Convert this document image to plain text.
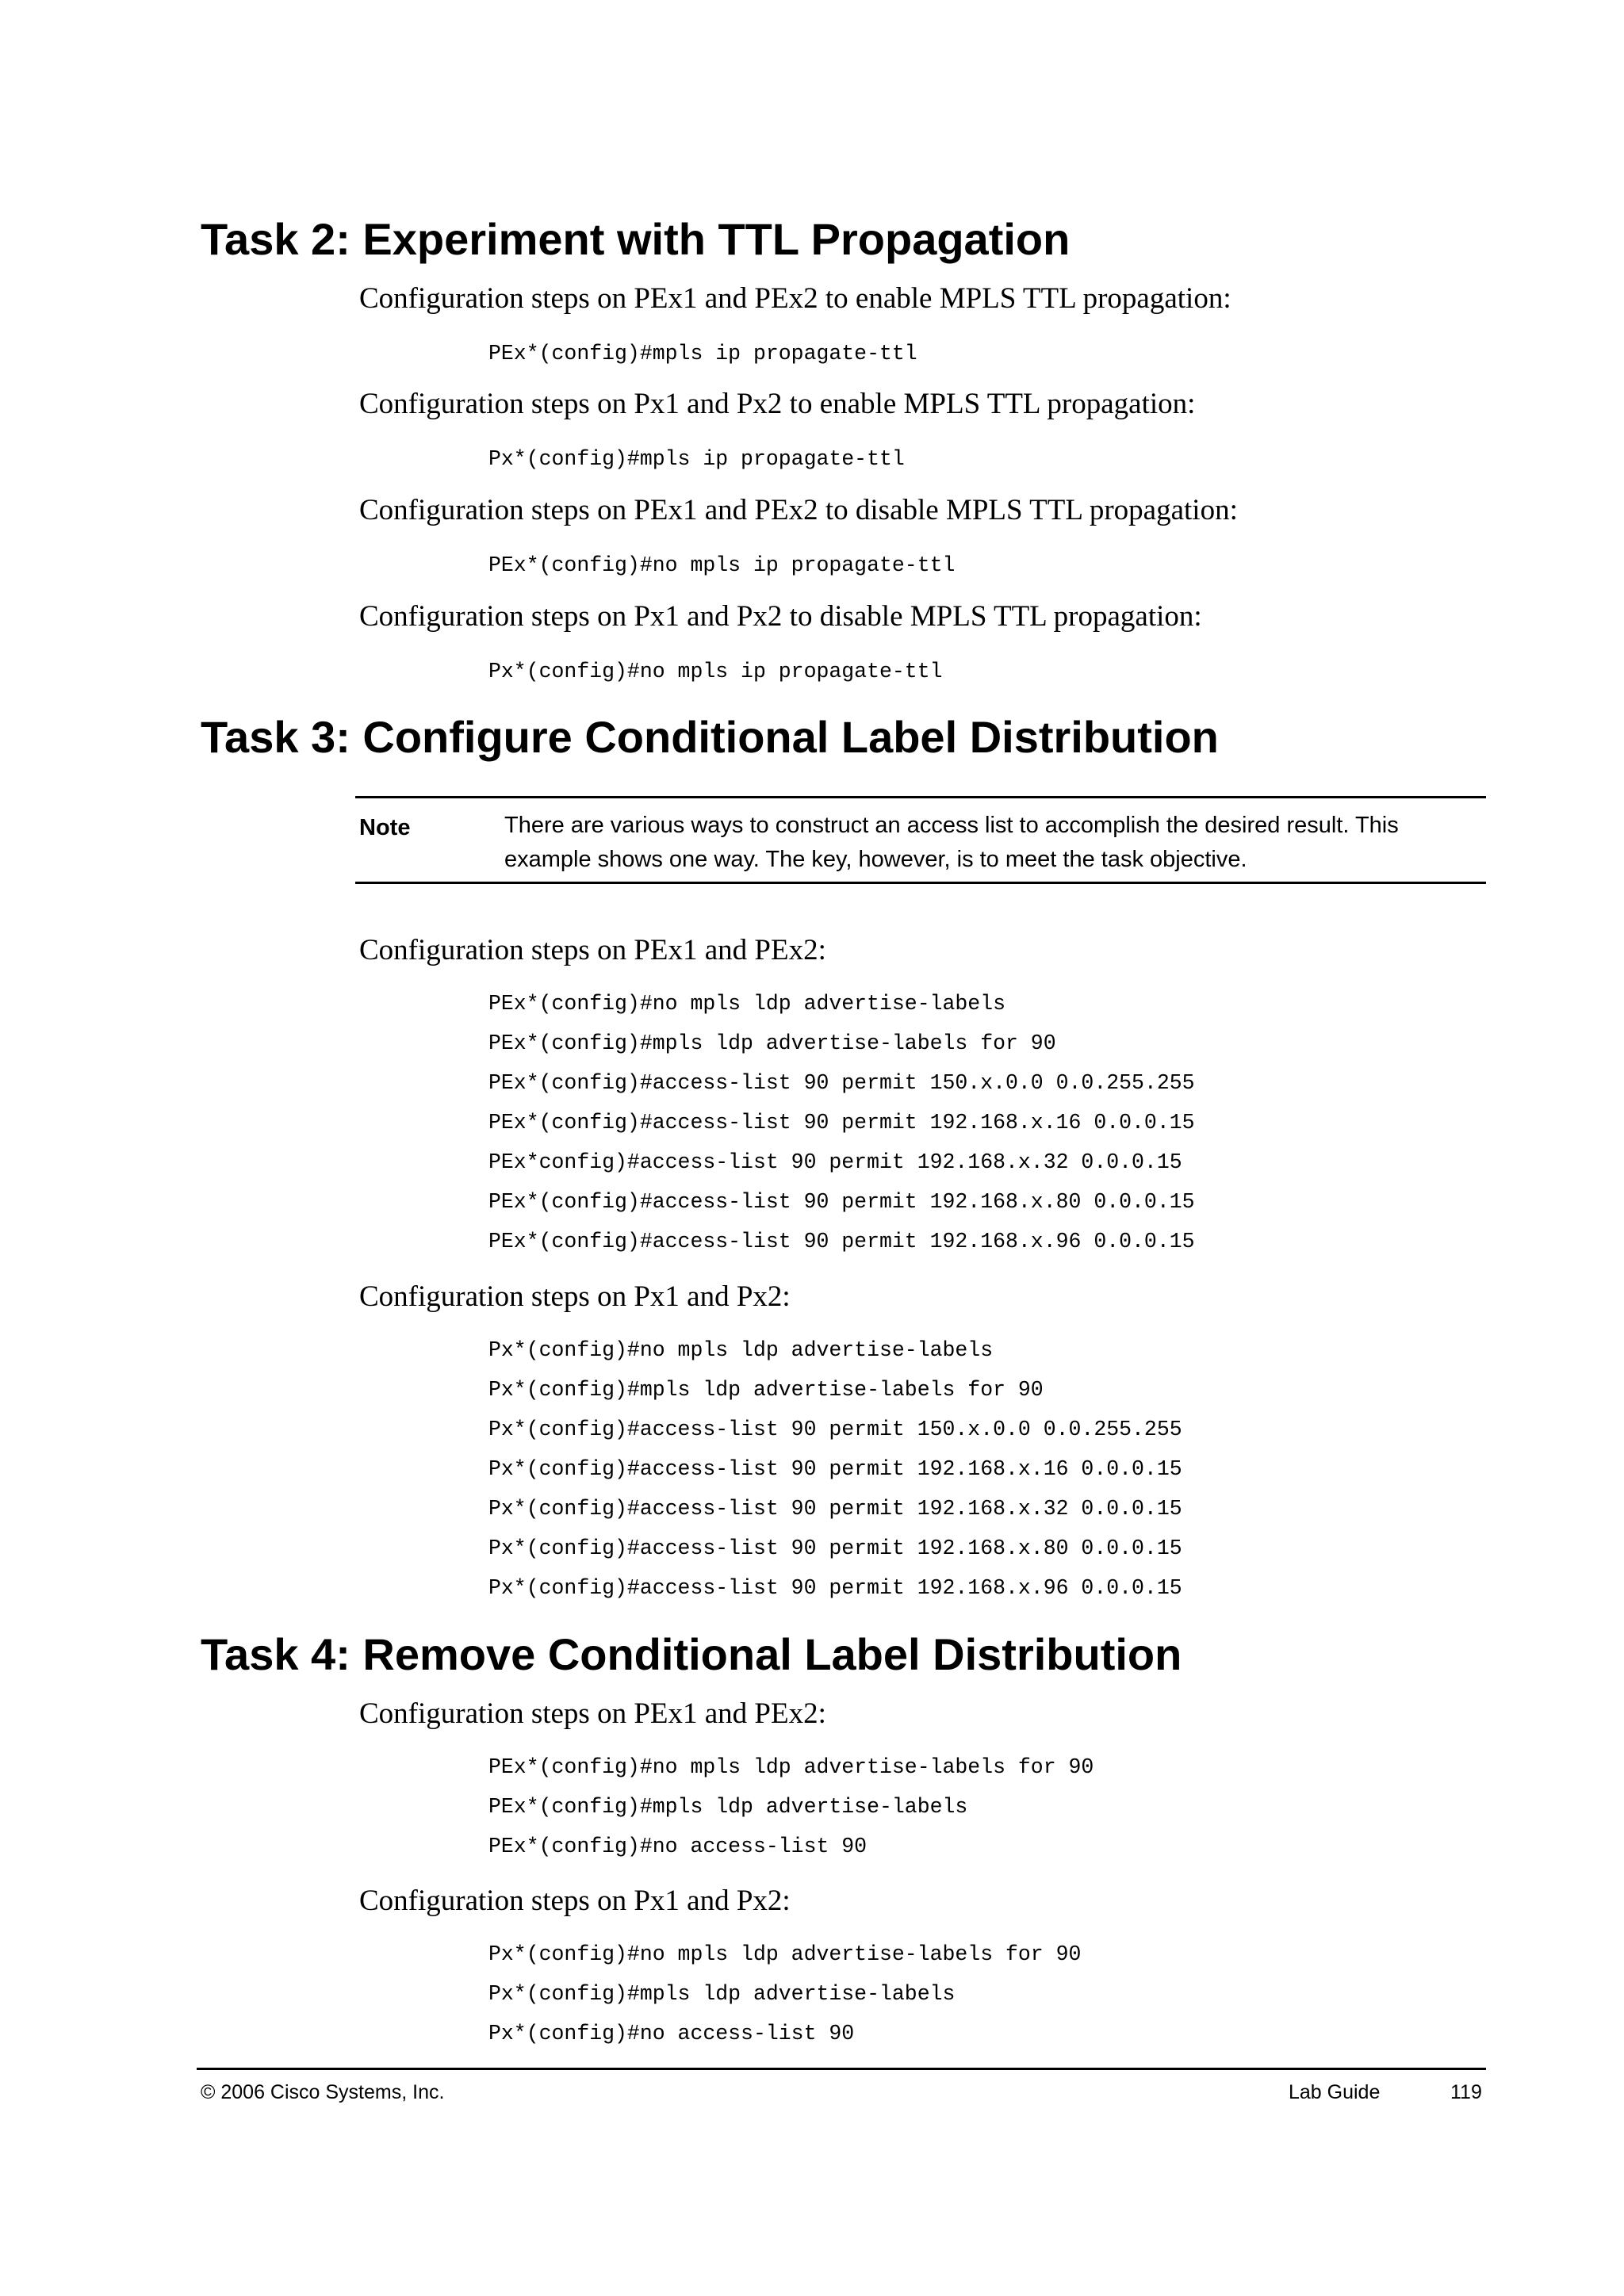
Task 2: Experiment with TTL Propagation

Configuration steps on PEx1 and PEx2 to enable MPLS TTL propagation:

PEx*(config)#mpls ip propagate-ttl

Configuration steps on Px1 and Px2 to enable MPLS TTL propagation:

Px*(config)#mpls ip propagate-ttl

Configuration steps on PEx1 and PEx2 to disable MPLS TTL propagation:

PEx*(config)#no mpls ip propagate-ttl

Configuration steps on Px1 and Px2 to disable MPLS TTL propagation:

Px*(config)#no mpls ip propagate-ttl
Task 3: Configure Conditional Label Distribution
Note	There are various ways to construct an access list to accomplish the desired result. This
example shows one way. The key, however, is to meet the task objective.

Configuration steps on PEx1 and PEx2:

PEx*(config)#no mpls ldp advertise-labels
PEx*(config)#mpls ldp advertise-labels for 90
PEx*(config)#access-list 90 permit 150.x.0.0 0.0.255.255
PEx*(config)#access-list 90 permit 192.168.x.16 0.0.0.15
PEx*config)#access-list 90 permit 192.168.x.32 0.0.0.15
PEx*(config)#access-list 90 permit 192.168.x.80 0.0.0.15
PEx*(config)#access-list 90 permit 192.168.x.96 0.0.0.15

Configuration steps on Px1 and Px2:

Px*(config)#no mpls ldp advertise-labels
Px*(config)#mpls ldp advertise-labels for 90
Px*(config)#access-list 90 permit 150.x.0.0 0.0.255.255
Px*(config)#access-list 90 permit 192.168.x.16 0.0.0.15
Px*(config)#access-list 90 permit 192.168.x.32 0.0.0.15
Px*(config)#access-list 90 permit 192.168.x.80 0.0.0.15
Px*(config)#access-list 90 permit 192.168.x.96 0.0.0.15
Task 4: Remove Conditional Label Distribution

Configuration steps on PEx1 and PEx2:

PEx*(config)#no mpls ldp advertise-labels for 90
PEx*(config)#mpls ldp advertise-labels
PEx*(config)#no access-list 90

Configuration steps on Px1 and Px2:

Px*(config)#no mpls ldp advertise-labels for 90
Px*(config)#mpls ldp advertise-labels
Px*(config)#no access-list 90
© 2006 Cisco Systems, Inc.	Lab Guide	119
